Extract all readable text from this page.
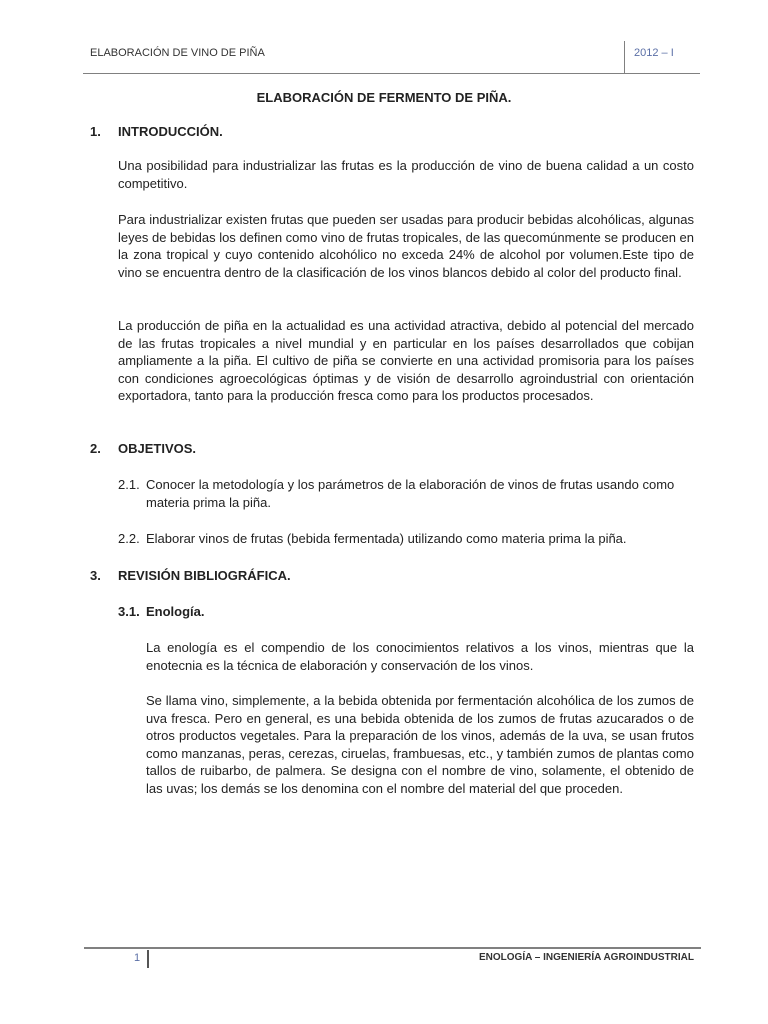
ELABORACIÓN DE VINO DE PIÑA	2012 – I
ELABORACIÓN DE FERMENTO DE PIÑA.
1. INTRODUCCIÓN.

Una posibilidad para industrializar las frutas es la producción de vino de buena calidad a un costo competitivo.

Para industrializar existen frutas que pueden ser usadas para producir bebidas alcohólicas, algunas leyes de bebidas los definen como vino de frutas tropicales, de las quecomúnmente se producen en la zona tropical y cuyo contenido alcohólico no exceda 24% de alcohol por volumen.Este tipo de vino se encuentra dentro de la clasificación de los vinos blancos debido al color del producto final.

La producción de piña en la actualidad es una actividad atractiva, debido al potencial del mercado de las frutas tropicales a nivel mundial y en particular en los países desarrollados que cobijan ampliamente a la piña. El cultivo de piña se convierte en una actividad promisoria para los países con condiciones agroecológicas óptimas y de visión de desarrollo agroindustrial con orientación exportadora, tanto para la producción fresca como para los productos procesados.

2. OBJETIVOS.
2.1. Conocer la metodología y los parámetros de la elaboración de vinos de frutas usando como materia prima la piña.
2.2. Elaborar vinos de frutas (bebida fermentada) utilizando como materia prima la piña.
3. REVISIÓN BIBLIOGRÁFICA.
3.1. Enología.

La enología es el compendio de los conocimientos relativos a los vinos, mientras que la enotecnia es la técnica de elaboración y conservación de los vinos.

Se llama vino, simplemente, a la bebida obtenida por fermentación alcohólica de los zumos de uva fresca. Pero en general, es una bebida obtenida de los zumos de frutas azucarados o de otros productos vegetales. Para la preparación de los vinos, además de la uva, se usan frutos como manzanas, peras, cerezas, ciruelas, frambuesas, etc., y también zumos de plantas como tallos de ruibarbo, de palmera. Se designa con el nombre de vino, solamente, el obtenido de las uvas; los demás se los denomina con el nombre del material del que proceden.

1	ENOLOGÍA – INGENIERÍA AGROINDUSTRIAL
